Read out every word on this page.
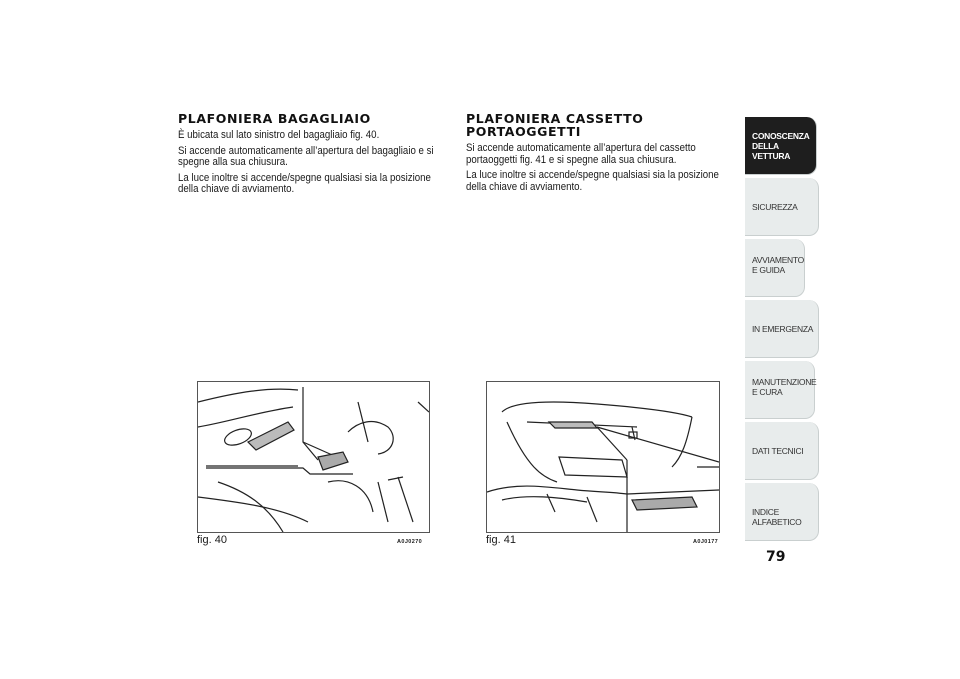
PLAFONIERA BAGAGLIAIO

È ubicata sul lato sinistro del bagagliaio fig. 40.

Si accende automaticamente all’apertura del bagagliaio e si spegne alla sua chiusura.

La luce inoltre si accende/spegne qualsiasi sia la posizione della chiave di avviamento.

PLAFONIERA CASSETTO PORTAOGGETTI

Si accende automaticamente all’apertura del cassetto portaoggetti fig. 41 e si spegne alla sua chiusura.

La luce inoltre si accende/spegne qualsiasi sia la posizione della chiave di avviamento.

fig. 40	A0J0270	fig. 41	A0J0177
CONOSCENZA DELLA VETTURA
SICUREZZA
AVVIAMENTO E GUIDA
IN EMERGENZA
MANUTENZIONE E CURA
DATI TECNICI
INDICE ALFABETICO
79
